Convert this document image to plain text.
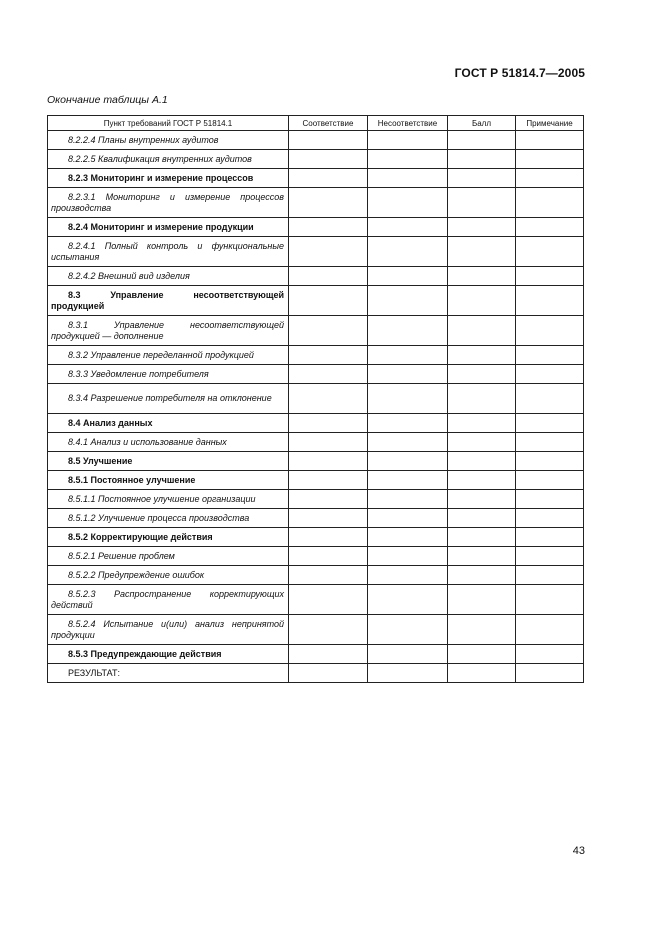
ГОСТ Р 51814.7—2005
Окончание таблицы А.1
Пункт требований ГОСТ Р 51814.1	Соответствие	Несоответствие	Балл	Примечание
8.2.2.4 Планы внутренних аудитов				
8.2.2.5 Квалификация внутренних аудитов				
8.2.3 Мониторинг и измерение процессов				
8.2.3.1 Мониторинг и измерение процессов производства				
8.2.4 Мониторинг и измерение продукции				
8.2.4.1 Полный контроль и функциональные испытания				
8.2.4.2 Внешний вид изделия				
8.3 Управление несоответствующей продукцией				
8.3.1 Управление несоответствующей продукцией — дополнение				
8.3.2 Управление переделанной продукцией				
8.3.3 Уведомление потребителя				
8.3.4 Разрешение потребителя на отклонение				
8.4 Анализ данных				
8.4.1 Анализ и использование данных				
8.5 Улучшение				
8.5.1 Постоянное улучшение				
8.5.1.1 Постоянное улучшение организации				
8.5.1.2 Улучшение процесса производства				
8.5.2 Корректирующие действия				
8.5.2.1 Решение проблем				
8.5.2.2 Предупреждение ошибок				
8.5.2.3 Распространение корректирующих действий				
8.5.2.4 Испытание и(или) анализ непринятой продукции				
8.5.3 Предупреждающие действия				
РЕЗУЛЬТАТ:				
43
